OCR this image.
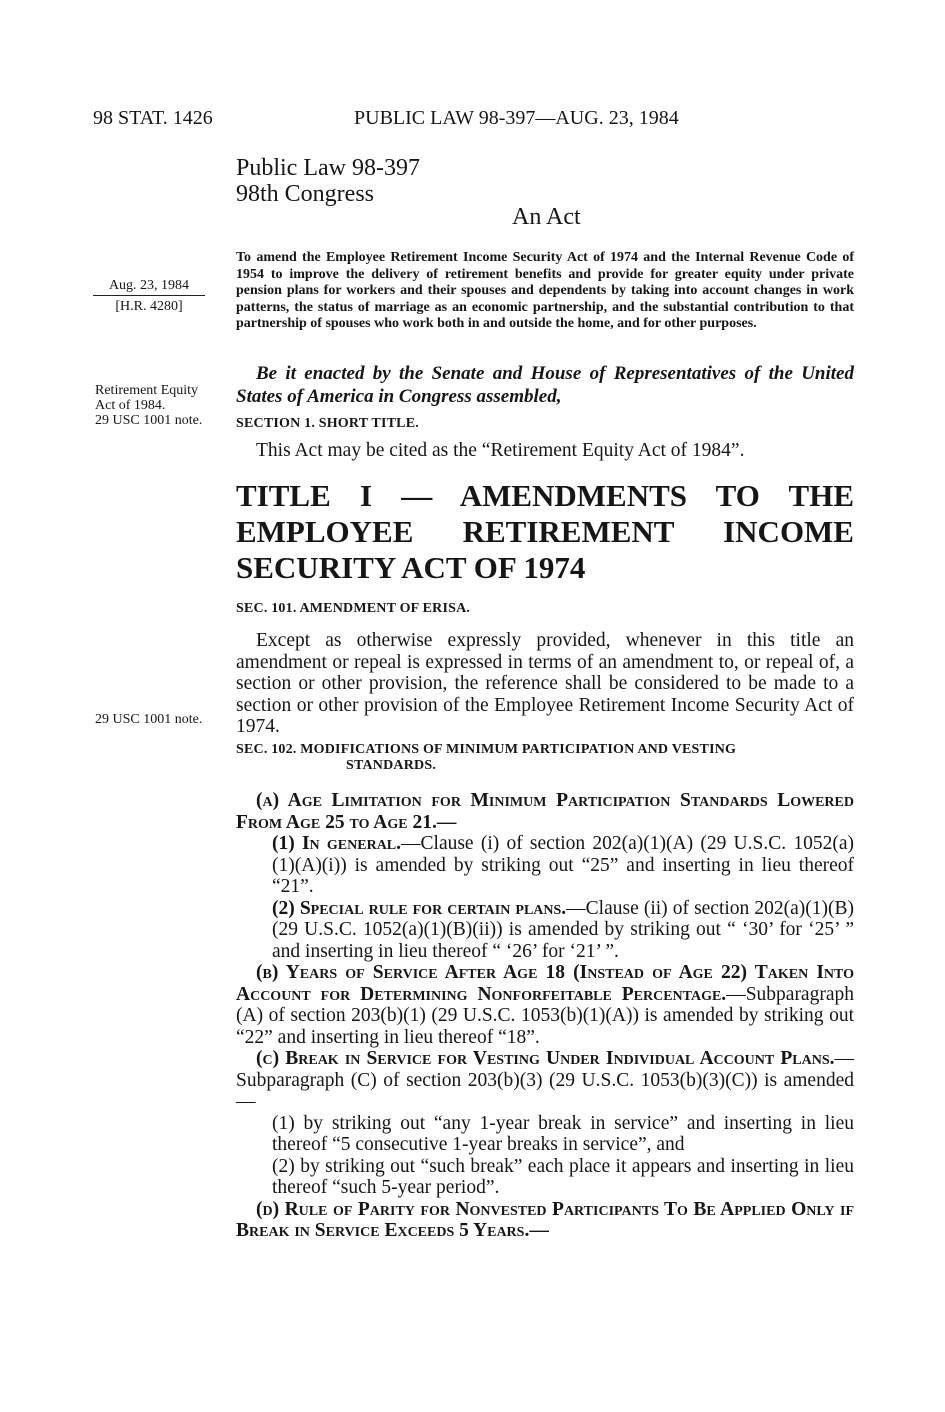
98 STAT. 1426	PUBLIC LAW 98-397—AUG. 23, 1984
Public Law 98-397
98th Congress
An Act
Aug. 23, 1984
[H.R. 4280]
To amend the Employee Retirement Income Security Act of 1974 and the Internal Revenue Code of 1954 to improve the delivery of retirement benefits and provide for greater equity under private pension plans for workers and their spouses and dependents by taking into account changes in work patterns, the status of marriage as an economic partnership, and the substantial contribution to that partnership of spouses who work both in and outside the home, and for other purposes.
Be it enacted by the Senate and House of Representatives of the United States of America in Congress assembled,
Retirement Equity Act of 1984.
29 USC 1001 note. SECTION 1. SHORT TITLE.
This Act may be cited as the “Retirement Equity Act of 1984”.
TITLE I — AMENDMENTS TO THE EMPLOYEE RETIREMENT INCOME SECURITY ACT OF 1974
SEC. 101. AMENDMENT OF ERISA.
Except as otherwise expressly provided, whenever in this title an amendment or repeal is expressed in terms of an amendment to, or repeal of, a section or other provision, the reference shall be considered to be made to a section or other provision of the Employee Retirement Income Security Act of 1974.
29 USC 1001 note.
SEC. 102. MODIFICATIONS OF MINIMUM PARTICIPATION AND VESTING
STANDARDS.
(a) Age Limitation for Minimum Participation Standards Lowered From Age 25 to Age 21.—
(1) In general.—Clause (i) of section 202(a)(1)(A) (29 U.S.C. 1052(a)(1)(A)(i)) is amended by striking out “25” and inserting in lieu thereof “21”.
(2) Special rule for certain plans.—Clause (ii) of section 202(a)(1)(B) (29 U.S.C. 1052(a)(1)(B)(ii)) is amended by striking out “ ‘30’ for ‘25’ ” and inserting in lieu thereof “ ‘26’ for ‘21’ ”.
(b) Years of Service After Age 18 (Instead of Age 22) Taken Into Account for Determining Nonforfeitable Percentage.—Subparagraph (A) of section 203(b)(1) (29 U.S.C. 1053(b)(1)(A)) is amended by striking out “22” and inserting in lieu thereof “18”.
(c) Break in Service for Vesting Under Individual Account Plans.—Subparagraph (C) of section 203(b)(3) (29 U.S.C. 1053(b)(3)(C)) is amended—
(1) by striking out “any 1-year break in service” and inserting in lieu thereof “5 consecutive 1-year breaks in service”, and
(2) by striking out “such break” each place it appears and inserting in lieu thereof “such 5-year period”.
(d) Rule of Parity for Nonvested Participants To Be Applied Only if Break in Service Exceeds 5 Years.—
